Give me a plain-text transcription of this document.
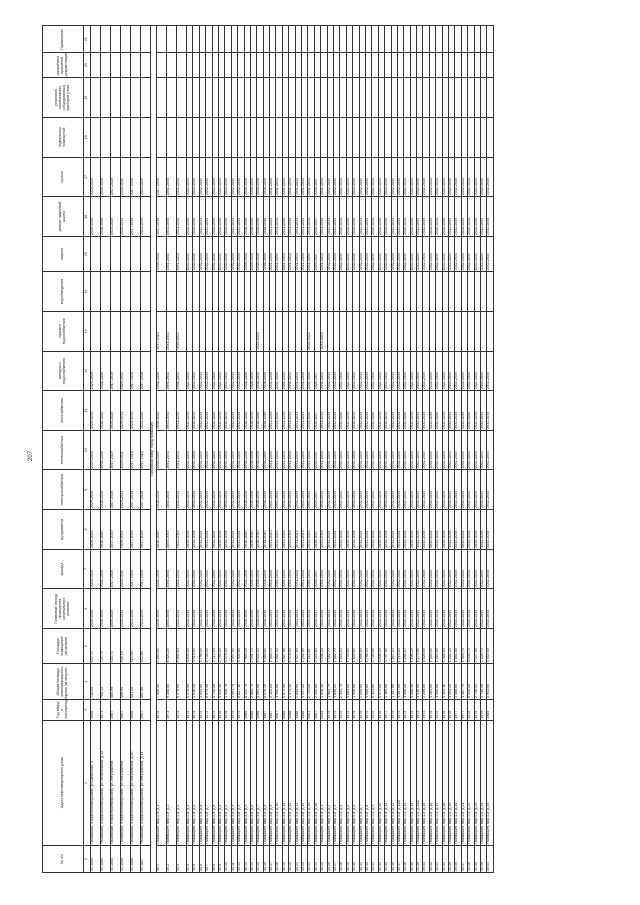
207
№ п/п	Адрес многоквартирного дома	Год ввода в эксплуатацию	Общая площадь многоквартирного дома (кв.метров)	Площадь помещений (кв.метров)	Плановый период проведения капитального ремонта	фасада	фундамента	электроснабжения	теплоснабжения	газоснабжения	холодного водоснабжения	горячего водоснабжения	водоотведения	лифтов	ремонт лифтовой шахты	крыши	подвальных помещений	установки коллективных (общедомовых) приборов учета	разработка проектной документации	Примечание
1	2	3	4	5	6	7	8	9	10	11	12	13	14	15	16	17	18	19	20	21
34.1603	г.Волжский, п.Краснооктябрьский, ул.Школьная, 4	1968	728,00	672,70	2029-2029	2029-2029	2029-2029	2029-2029	2029-2029	2029-2029	2029-2029				2029-2029	2029-2029				
34.1603	г.Волжский, п.Краснооктябрьский, ул.Челябинская, д.12	1971	780,42	725,79	2038-2040	2038-2040	2038-2040	2038-2040	2038-2040	2038-2040	2038-2040				2038-2040	2038-2040				
34.1604	г.Волжский, п.Краснооктябрьский, ул.Энтузиастов	1967	480,99	433,70	2025-2025	2017-2019	2017-2019	2017-2019	2017-2019	2025-2025	2017-2019				2023-2025	2017-2019				
34.1605	г.Волжский, п.Краснооктябрьский, ул.Энтузиастов	1967	488,00	438,19	2029-2031	2029-2031	2029-2031	2029-2031	2029-2031	2029-2031	2029-2031				2029-2031	2029-2031				
34.1606	г.Волжский, п.Краснооктябрьский, ул.Энтузиастов, д.10	1968	481,50	414,00	2023-2025	2017-2019	2017-2019	2017-2019	2017-2019	2023-2025	2017-2019				2017-2019	2017-2019				
34.1607	г.Волжский, п.Краснооктябрьский, ул.Энтузиастов, д.11	1967	482,60	432,60	2023-2025	2017-2019	2017-2019	2017-2019	2017-2019	2023-2025	2017-2019				2023-2025	2023-2025				
Городской округ город Камышин																				
35.1	г.Камышин, мкр.1-й, д.1	1975	7 056,30	6 563,00	2038-2040	2038-2040	2038-2040	2038-2040	2038-2040	2038-2040	2038-2040	2017-2019		2038-2040	2017-2019	2017-2019				
35.2	г.Камышин, мкр.1-й, д.2	1973	6 288,60	6 026,20	2041-2043	2041-2043	2041-2043	2041-2043	2041-2043	2041-2043	2041-2043	2041-2043		2041-2043	2041-2043	2041-2043				
35.3	г.Камышин, мкр.1-й, д.3	1973	6 276,00	5 892,10	2041-2043	2041-2043	2041-2043	2041-2043	2041-2043	2041-2043	2041-2043	2020-2022		2041-2043	2041-2043	2041-2043				
35.4	г.Камышин, мкр.1-й, д.4	1974	4 278,90	3 833,20	2032-2034	2032-2034	2032-2034	2032-2034	2032-2034	2032-2034	2032-2034			2032-2034	2032-2034	2032-2034				
35.5	г.Камышин, мкр.1-й, д.5	1974	4 016,20	3 515,60	2032-2034	2032-2034	2032-2034	2032-2034	2032-2034	2032-2034	2032-2034			2032-2034	2032-2034	2032-2034				
35.6	г.Камышин, мкр.1-й, д.6	1974	3 554,80	2 799,00	2032-2034	2032-2034	2032-2034	2032-2034	2032-2034	2032-2034	2032-2034			2032-2034	2032-2034	2032-2034				
35.7	г.Камышин, мкр.1-й, д.7	1973	3 575,30	2 705,40	2032-2034	2032-2034	2032-2034	2032-2034	2032-2034	2032-2034	2032-2034			2032-2034	2032-2034	2032-2034				
35.8	г.Камышин, мкр.1-й, д.8	1972	3 712,20	2 712,20	2032-2034	2032-2034	2032-2034	2032-2034	2032-2034	2032-2034	2032-2034			2032-2034	2032-2034	2032-2034				
35.9	г.Камышин, мкр.3-й, д.1	1978	3 520,30	2 755,20	2032-2034	2032-2034	2032-2034	2032-2034	2032-2034	2032-2034	2032-2034			2032-2034	2032-2034	2032-2034				
35.10	г.Камышин, мкр.3-й, д.2	1978	3 530,70	3 376,20	2032-2034	2032-2034	2032-2034	2032-2034	2032-2034	2032-2034	2032-2034			2032-2034	2032-2034	2032-2034				
35.11	г.Камышин, мкр.3-й, д.3	1974	3 591,70	3 357,30	2032-2034	2032-2034	2032-2034	2032-2034	2032-2034	2032-2034	2032-2034			2032-2034	2032-2034	2032-2034				
35.12	г.Камышин, мкр.3-й, д.4	1974	3 827,10	3 504,60	2032-2034	2032-2034	2032-2034	2032-2034	2032-2034	2032-2034	2032-2034			2032-2034	2032-2034	2032-2034				
35.13	г.Камышин, мкр.3-й, д.5	1986	8 652,70	7 969,20	2038-2040	2038-2040	2038-2040	2038-2040	2038-2040	2038-2040	2038-2040			2038-2040	2038-2040	2038-2040				
35.14	г.Камышин, мкр.3-й, д.6	1986	2 662,70	2 491,70	2038-2040	2038-2040	2038-2040	2038-2040	2038-2040	2038-2040	2038-2040			2038-2040	2038-2040	2038-2040				
35.15	г.Камышин, мкр.3-й, д.7	1986	8 664,60	8 034,10	2038-2040	2038-2040	2038-2040	2038-2040	2038-2040	2038-2040	2038-2040	2023-2025		2038-2040	2038-2040	2038-2040				
35.16	г.Камышин, мкр.3-й, д.8	1987	8 676,20	8 046,60	2038-2040	2038-2040	2038-2040	2038-2040	2038-2040	2038-2040	2038-2040			2038-2040	2038-2040	2038-2040				
35.17	г.Камышин, мкр.3-й, д.9	1987	2 110,10	1 950,70	2041-2043	2041-2043	2041-2043	2041-2043	2041-2043	2041-2043	2041-2043			2041-2043	2041-2043	2041-2043				
35.18	г.Камышин, мкр.3-й, д.10	1987	1 994,60	1 934,30	2041-2043	2041-2043	2041-2043	2041-2043	2041-2043	2041-2043	2041-2043			2041-2043	2041-2043	2041-2043				
35.19	г.Камышин, мкр.3-й, д.11	1988	4 074,90	3 597,90	2041-2043	2041-2043	2041-2043	2041-2043	2041-2043	2041-2043	2041-2043			2041-2043	2041-2043	2041-2043				
35.20	г.Камышин, мкр.3-й, д.12	1988	4 174,40	4 078,50	2041-2043	2041-2043	2041-2043	2041-2043	2041-2043	2041-2043	2041-2043			2041-2043	2041-2043	2041-2043				
35.21	г.Камышин, мкр.3-й, д.13	1988	2 848,90	2 827,50	2041-2043	2041-2043	2041-2043	2041-2043	2041-2043	2041-2043	2041-2043			2041-2043	2041-2043	2041-2043				
35.22	г.Камышин, мкр.3-й, д.14	1988	1 547,20	1 452,90	2041-2043	2041-2043	2041-2043	2041-2043	2041-2043	2041-2043	2041-2043			2041-2043	2041-2043	2041-2043				
35.23	г.Камышин, мкр.3-й, д.15	2001	2 733,20	2 411,60	2041-2043	2041-2043	2041-2043	2041-2043	2041-2043	2041-2043	2041-2043	2020-2022		2041-2043	2041-2043	2041-2043				
35.24	г.Камышин, мкр.3-й, д.16	1987	2 559,60	2 445,80	2035-2037	2035-2037	2035-2037	2035-2037	2035-2037	2035-2037	2035-2037			2035-2037	2035-2037	2035-2037				
35.25	г.Камышин, мкр.4-й, д.1	2014	3 658,30	3 498,20	2041-2043	2041-2043	2041-2043	2041-2043	2041-2043	2041-2043	2041-2043	2041-2043		2041-2043	2041-2043	2041-2043				
35.26	г.Камышин, мкр.4-й, д.2	1974	1 983,70	1 482,70	2032-2034	2032-2034	2032-2034	2032-2034	2032-2034	2032-2034	2032-2034			2032-2034	2032-2034	2032-2034				
35.27	г.Камышин, мкр.4-й, д.3	1974	1 836,20	1 662,70	2032-2034	2032-2034	2032-2034	2032-2034	2032-2034	2032-2034	2032-2034			2032-2034	2032-2034	2032-2034				
35.28	г.Камышин, мкр.4-й, д.4	1975	2 144,70	1 828,20	2032-2034	2032-2034	2032-2034	2032-2034	2032-2034	2032-2034	2032-2034			2032-2034	2032-2034	2032-2034				
35.29	г.Камышин, мкр.4-й, д.5	1975	1 863,00	1 735,60	2032-2034	2032-2034	2032-2034	2032-2034	2032-2034	2032-2034	2032-2034			2032-2034	2032-2034	2032-2034				
35.30	г.Камышин, мкр.4-й, д.6	1975	1 946,00	1 835,60	2032-2034	2032-2034	2032-2034	2032-2034	2032-2034	2032-2034	2032-2034			2032-2034	2032-2034	2032-2034				
35.31	г.Камышин, мкр.4-й, д.7	1975	2 099,90	1 899,50	2032-2034	2032-2034	2032-2034	2032-2034	2032-2034	2032-2034	2032-2034			2032-2034	2032-2034	2032-2034				
35.32	г.Камышин, мкр.4-й, д.8	1975	1 906,60	1 798,40	2032-2034	2032-2034	2032-2034	2032-2034	2032-2034	2032-2034	2032-2034			2032-2034	2032-2034	2032-2034				
35.33	г.Камышин, мкр.4-й, д.9	1975	4 121,50	3 756,00	2032-2034	2032-2034	2032-2034	2032-2034	2032-2034	2032-2034	2032-2034			2032-2034	2032-2034	2032-2034				
35.34	г.Камышин, мкр.4-й, д.10	1978	4 174,00	3 806,30	2032-2034	2032-2034	2032-2034	2032-2034	2032-2034	2032-2034	2032-2034			2032-2034	2032-2034	2032-2034				
35.35	г.Камышин, мкр.4-й, д.11	1977	4 189,60	3 797,50	2032-2034	2032-2034	2032-2034	2032-2034	2032-2034	2032-2034	2032-2034			2032-2034	2032-2034	2032-2034				
35.36	г.Камышин, мкр.4-й, д.12	1974	1 457,00	1 267,10	2032-2034	2032-2034	2032-2034	2032-2034	2032-2034	2032-2034	2032-2034			2032-2034	2032-2034	2032-2034				
35.37	г.Камышин, мкр.4-й, д.12А	1974	1 397,60	1 213,00	2032-2034	2032-2034	2032-2034	2032-2034	2032-2034	2032-2034	2032-2034			2032-2034	2032-2034	2032-2034				
35.38	г.Камышин, мкр.4-й, д.13	1973	1 406,20	1 296,10	2032-2034	2032-2034	2032-2034	2032-2034	2032-2034	2032-2034	2032-2034			2032-2034	2032-2034	2032-2034				
35.39	г.Камышин, мкр.4-й, д.14	1973	1 408,30	1 296,20	2032-2034	2032-2034	2032-2034	2032-2034	2032-2034	2032-2034	2032-2034			2032-2034	2032-2034	2032-2034				
35.40	г.Камышин, мкр.4-й, д.14А	1973	1 416,00	1 279,90	2032-2034	2032-2034	2032-2034	2032-2034	2032-2034	2032-2034	2032-2034			2032-2034	2032-2034	2032-2034				
35.41	г.Камышин, мкр.4-й, д.15	1974	4 206,00	3 926,00	2032-2034	2032-2034	2032-2034	2032-2034	2032-2034	2032-2034	2032-2034			2032-2034	2032-2034	2032-2034				
35.42	г.Камышин, мкр.4-й, д.16	1975	1 461,00	1 350,00	2032-2034	2032-2034	2032-2034	2032-2034	2032-2034	2032-2034	2032-2034			2032-2034	2032-2034	2032-2034				
35.43	г.Камышин, мкр.4-й, д.17	1975	1 460,00	1 353,90	2032-2034	2032-2034	2032-2034	2032-2034	2032-2034	2032-2034	2032-2034			2032-2034	2032-2034	2032-2034				
35.44	г.Камышин, мкр.4-й, д.18	1976	1 463,10	1 351,60	2032-2034	2032-2034	2032-2034	2032-2034	2032-2034	2032-2034	2032-2034			2032-2034	2032-2034	2032-2034				
35.45	г.Камышин, мкр.4-й, д.19	1976	1 463,20	1 351,20	2032-2034	2032-2034	2032-2034	2032-2034	2032-2034	2032-2034	2032-2034			2032-2034	2032-2034	2032-2034				
35.46	г.Камышин, мкр.4-й, д.20	1977	1 460,60	1 361,00	2032-2034	2032-2034	2032-2034	2032-2034	2032-2034	2032-2034	2032-2034			2032-2034	2032-2034	2032-2034				
35.47	г.Камышин, мкр.4-й, д.21	1977	1 467,70	1 349,70	2032-2034	2032-2034	2032-2034	2032-2034	2032-2034	2032-2034	2032-2034			2032-2034	2032-2034	2032-2034				
35.48	г.Камышин, мкр.4-й, д.22	1978	4 146,20	3 808,70	2032-2034	2032-2034	2032-2034	2032-2034	2032-2034	2032-2034	2032-2034			2032-2034	2032-2034	2032-2034				
35.49	г.Камышин, мкр.4-й, д.23	1979	2 719,50	2 437,90	2032-2034	2032-2034	2032-2034	2032-2034	2032-2034	2032-2034	2032-2034			2032-2034	2032-2034	2032-2034				
35.50	г.Камышин, мкр.4-й, д.24	1979	2 730,40	2 458,70	2032-2034	2032-2034	2032-2034	2032-2034	2032-2034	2032-2034	2032-2034			2032-2034	2032-2034	2032-2034				
35.51	г.Камышин, мкр.4-й, д.25	1989	3 901,80	3 542,40	2032-2034	2032-2034	2032-2034	2032-2034	2032-2034	2032-2034	2032-2034			2032-2034	2032-2034	2032-2034				
